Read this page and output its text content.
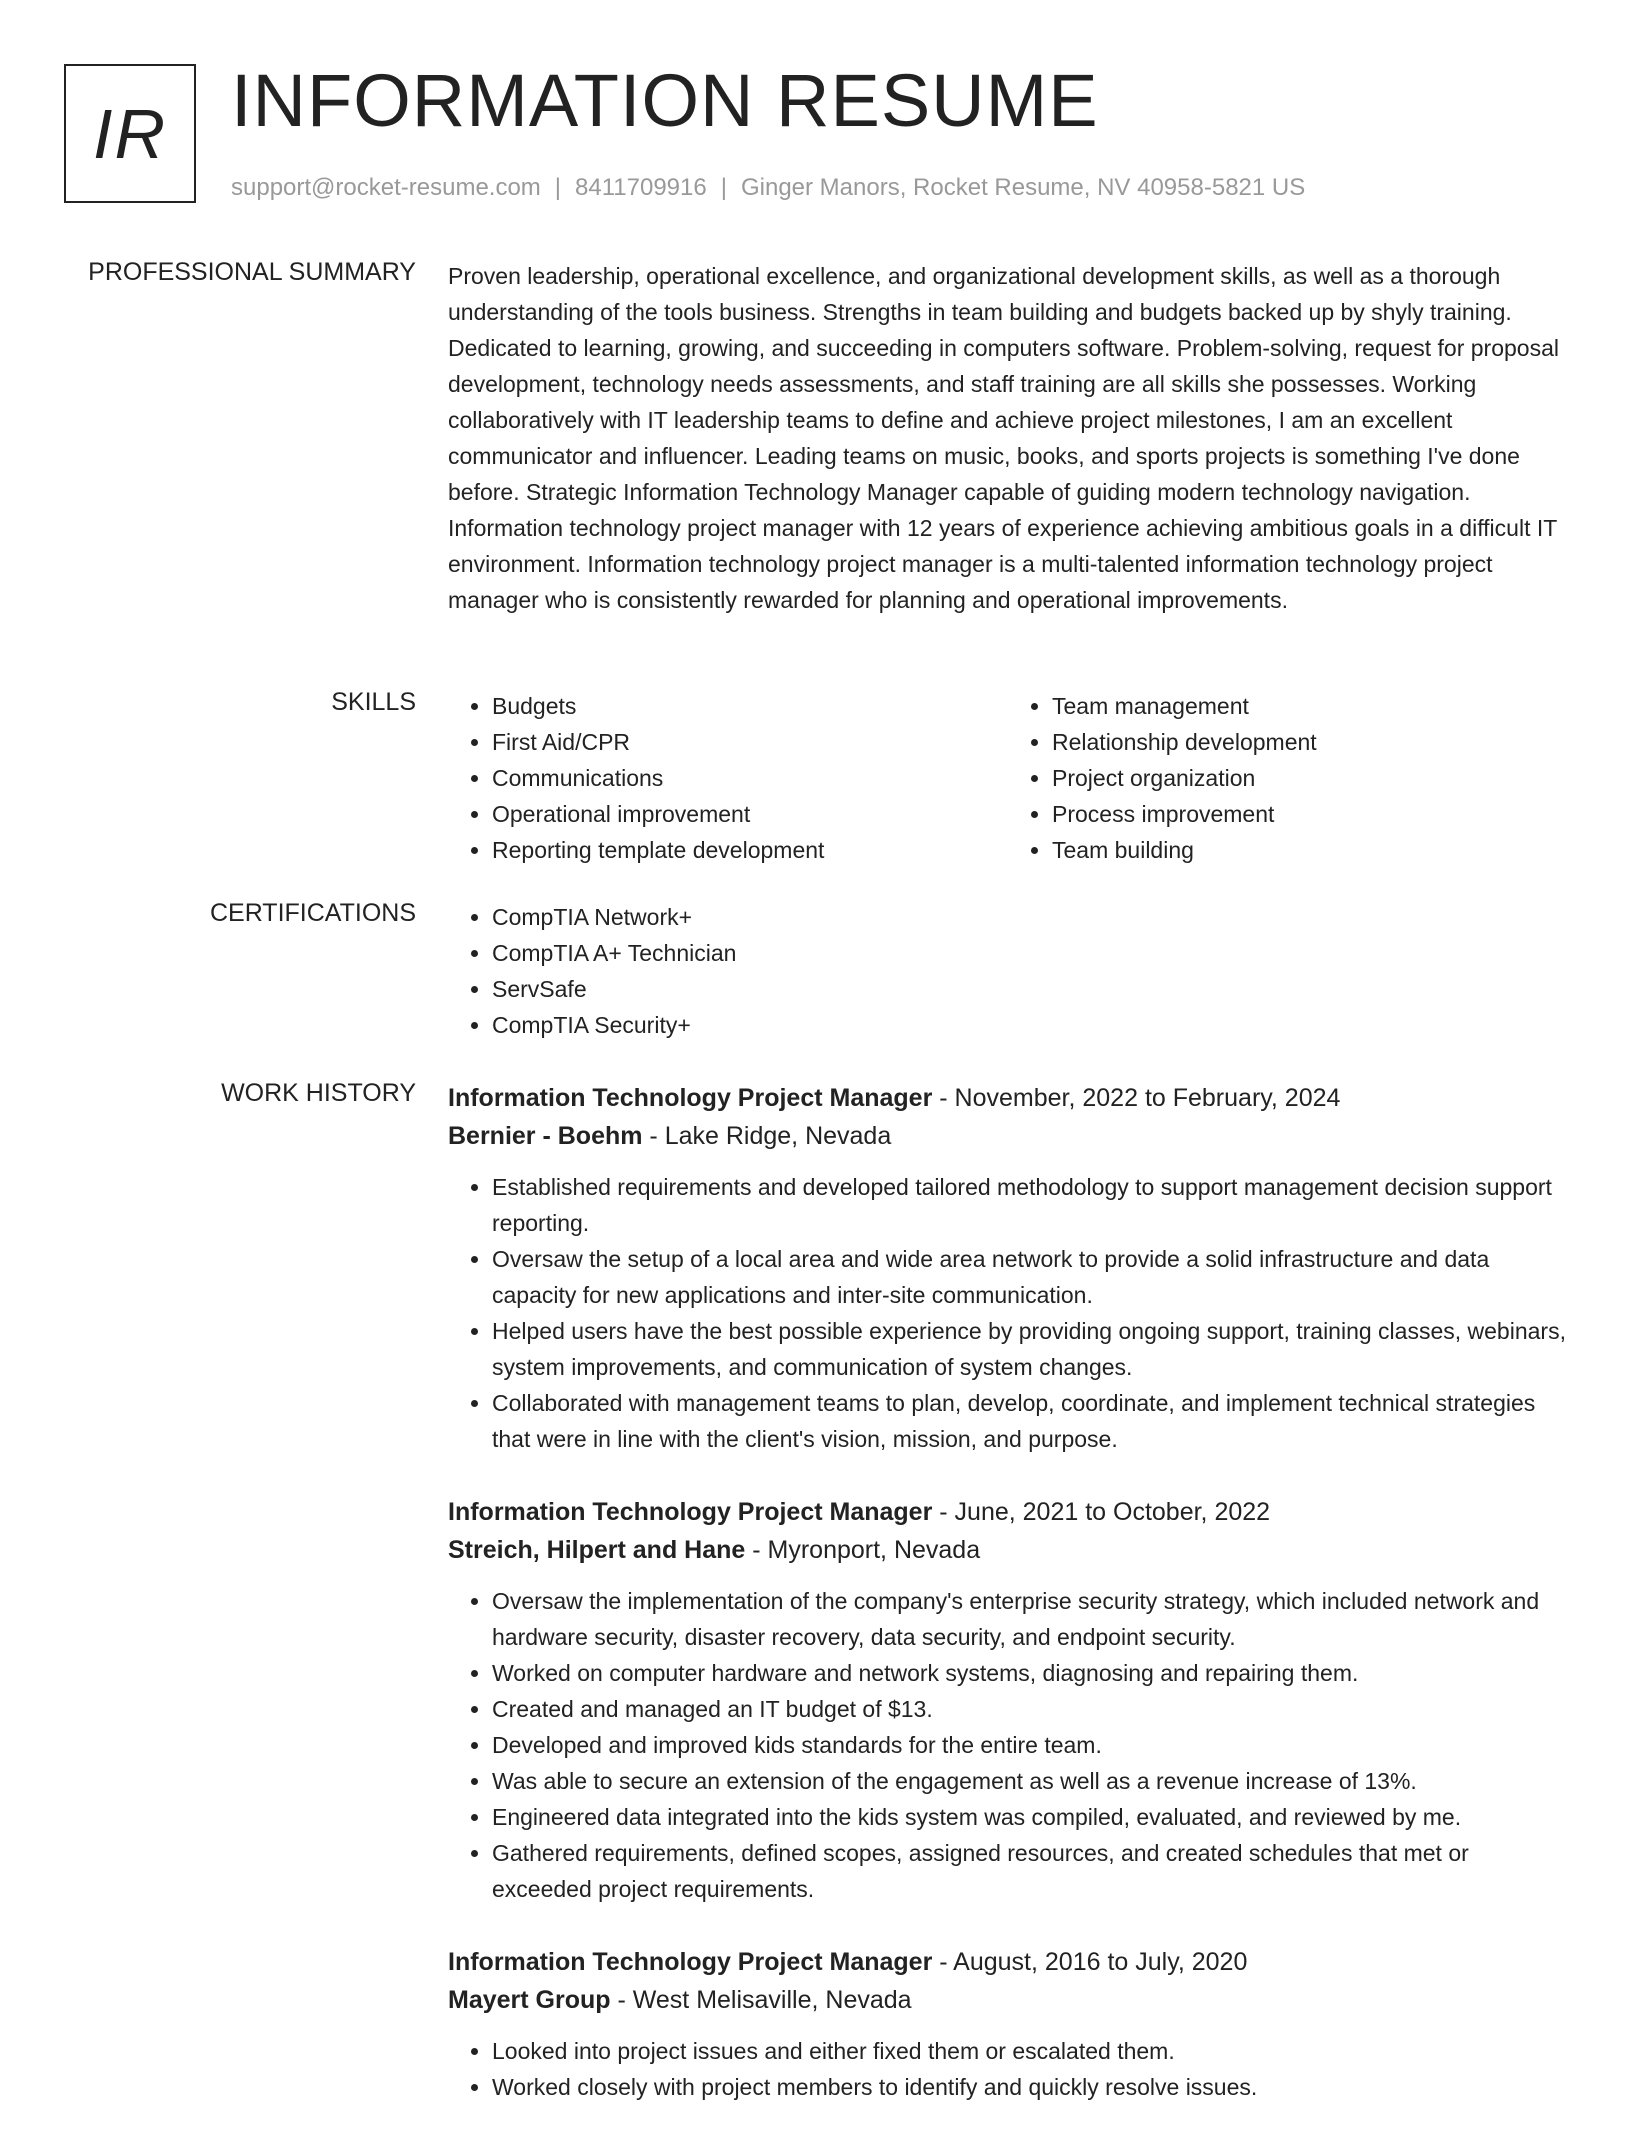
IR INFORMATION RESUME
support@rocket-resume.com | 8411709916 | Ginger Manors, Rocket Resume, NV 40958-5821 US
PROFESSIONAL SUMMARY Proven leadership, operational excellence, and organizational development skills, as well as a thorough understanding of the tools business. Strengths in team building and budgets backed up by shyly training. Dedicated to learning, growing, and succeeding in computers software. Problem-solving, request for proposal development, technology needs assessments, and staff training are all skills she possesses. Working collaboratively with IT leadership teams to define and achieve project milestones, I am an excellent communicator and influencer. Leading teams on music, books, and sports projects is something I've done before. Strategic Information Technology Manager capable of guiding modern technology navigation. Information technology project manager with 12 years of experience achieving ambitious goals in a difficult IT environment. Information technology project manager is a multi-talented information technology project manager who is consistently rewarded for planning and operational improvements.

SKILLS	• Budgets
• First Aid/CPR
• Communications
• Operational improvement
• Reporting template development
• Team management
• Relationship development
• Project organization
• Process improvement
• Team building
CERTIFICATIONS	• CompTIA Network+
• CompTIA A+ Technician
• ServSafe
• CompTIA Security+
WORK HISTORY Information Technology Project Manager - November, 2022 to February, 2024
Bernier - Boehm - Lake Ridge, Nevada
• Established requirements and developed tailored methodology to support management decision support reporting.
• Oversaw the setup of a local area and wide area network to provide a solid infrastructure and data capacity for new applications and inter-site communication.
• Helped users have the best possible experience by providing ongoing support, training classes, webinars, system improvements, and communication of system changes.
• Collaborated with management teams to plan, develop, coordinate, and implement technical strategies that were in line with the client's vision, mission, and purpose.
Information Technology Project Manager - June, 2021 to October, 2022
Streich, Hilpert and Hane - Myronport, Nevada
• Oversaw the implementation of the company's enterprise security strategy, which included network and hardware security, disaster recovery, data security, and endpoint security.
• Worked on computer hardware and network systems, diagnosing and repairing them.
• Created and managed an IT budget of $13.
• Developed and improved kids standards for the entire team.
• Was able to secure an extension of the engagement as well as a revenue increase of 13%.
• Engineered data integrated into the kids system was compiled, evaluated, and reviewed by me.
• Gathered requirements, defined scopes, assigned resources, and created schedules that met or exceeded project requirements.
Information Technology Project Manager - August, 2016 to July, 2020
Mayert Group - West Melisaville, Nevada
• Looked into project issues and either fixed them or escalated them.
• Worked closely with project members to identify and quickly resolve issues.
